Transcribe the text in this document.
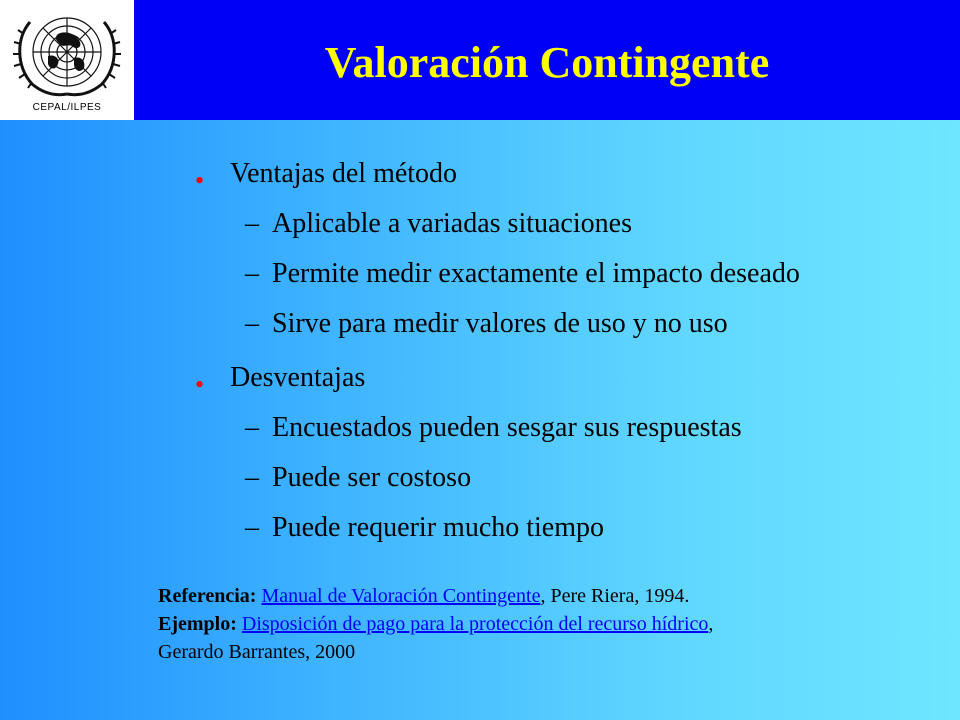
CEPAL/ILPES
Valoración Contingente
• Ventajas del método
– Aplicable a variadas situaciones
– Permite medir exactamente el impacto deseado
– Sirve para medir valores de uso y no uso
• Desventajas
– Encuestados pueden sesgar sus respuestas
– Puede ser costoso
– Puede requerir mucho tiempo
Referencia: Manual de Valoración Contingente, Pere Riera, 1994.
Ejemplo: Disposición de pago para la protección del recurso hídrico,
Gerardo Barrantes, 2000
